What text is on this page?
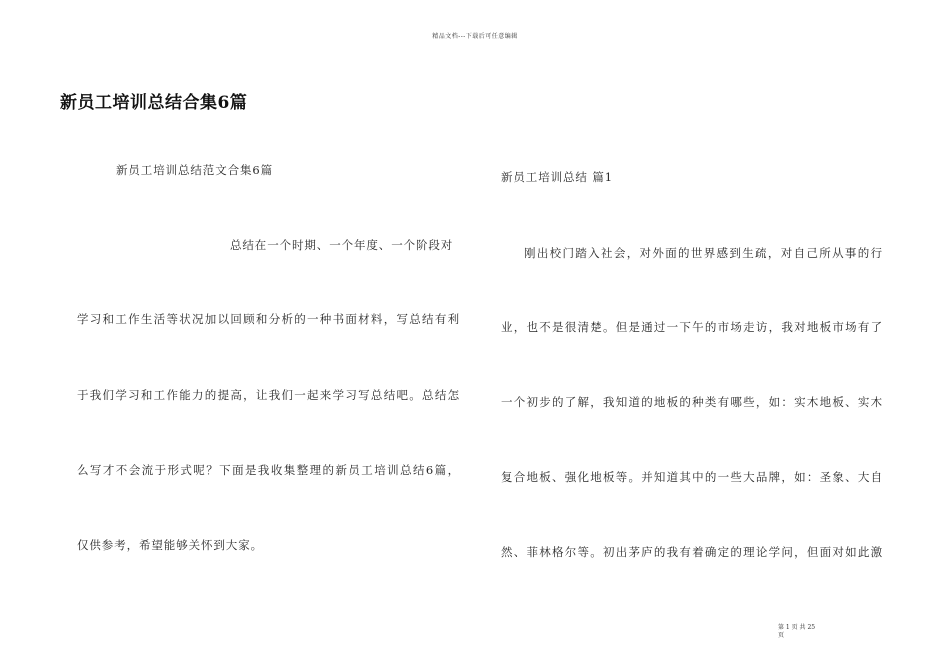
精品文档---下载后可任意编辑
新员工培训总结合集6篇
新员工培训总结范文合集6篇
总结在一个时期、一个年度、一个阶段对
学习和工作生活等状况加以回顾和分析的一种书面材料，写总结有利
于我们学习和工作能力的提高，让我们一起来学习写总结吧。总结怎
么写才不会流于形式呢？下面是我收集整理的新员工培训总结6篇，
仅供参考，希望能够关怀到大家。
新员工培训总结 篇1
刚出校门踏入社会，对外面的世界感到生疏，对自己所从事的行
业，也不是很清楚。但是通过一下午的市场走访，我对地板市场有了
一个初步的了解，我知道的地板的种类有哪些，如：实木地板、实木
复合地板、强化地板等。并知道其中的一些大品牌，如：圣象、大自
然、菲林格尔等。初出茅庐的我有着确定的理论学问，但面对如此激
第 1 页 共 25
页
